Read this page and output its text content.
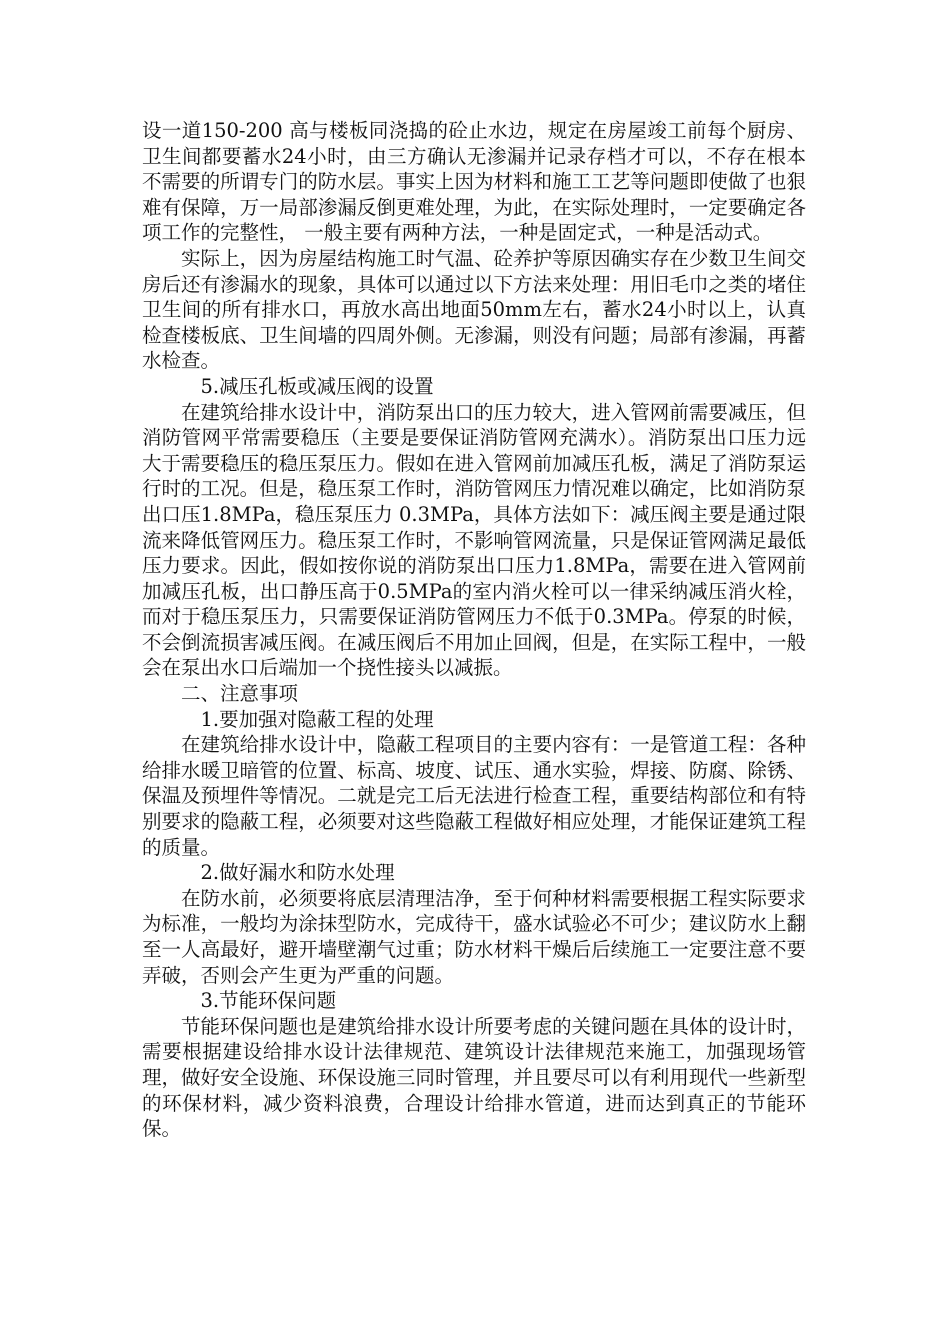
设一道150-200 高与楼板同浇捣的砼止水边，规定在房屋竣工前每个厨房、卫生间都要蓄水24小时，由三方确认无渗漏并记录存档才可以，不存在根本不需要的所谓专门的防水层。事实上因为材料和施工工艺等问题即使做了也狠难有保障，万一局部渗漏反倒更难处理，为此，在实际处理时，一定要确定各项工作的完整性， 一般主要有两种方法，一种是固定式，一种是活动式。

实际上，因为房屋结构施工时气温、砼养护等原因确实存在少数卫生间交房后还有渗漏水的现象，具体可以通过以下方法来处理：用旧毛巾之类的堵住卫生间的所有排水口，再放水高出地面50mm左右，蓄水24小时以上，认真检查楼板底、卫生间墙的四周外侧。无渗漏，则没有问题；局部有渗漏，再蓄水检查。

5.减压孔板或减压阀的设置

在建筑给排水设计中，消防泵出口的压力较大，进入管网前需要减压，但消防管网平常需要稳压（主要是要保证消防管网充满水）。消防泵出口压力远大于需要稳压的稳压泵压力。假如在进入管网前加减压孔板，满足了消防泵运行时的工况。但是，稳压泵工作时，消防管网压力情况难以确定，比如消防泵出口压1.8MPa，稳压泵压力 0.3MPa，具体方法如下：减压阀主要是通过限流来降低管网压力。稳压泵工作时，不影响管网流量，只是保证管网满足最低压力要求。因此，假如按你说的消防泵出口压力1.8MPa，需要在进入管网前加减压孔板，出口静压高于0.5MPa的室内消火栓可以一律采纳减压消火栓，而对于稳压泵压力，只需要保证消防管网压力不低于0.3MPa。停泵的时候，不会倒流损害减压阀。在减压阀后不用加止回阀，但是，在实际工程中，一般会在泵出水口后端加一个挠性接头以减振。

二、注意事项

1.要加强对隐蔽工程的处理

在建筑给排水设计中，隐蔽工程项目的主要内容有：一是管道工程：各种给排水暖卫暗管的位置、标高、坡度、试压、通水实验，焊接、防腐、除锈、保温及预埋件等情况。二就是完工后无法进行检查工程，重要结构部位和有特别要求的隐蔽工程，必须要对这些隐蔽工程做好相应处理，才能保证建筑工程的质量。

2.做好漏水和防水处理

在防水前，必须要将底层清理洁净，至于何种材料需要根据工程实际要求为标准，一般均为涂抹型防水，完成待干，盛水试验必不可少；建议防水上翻至一人高最好，避开墙壁潮气过重；防水材料干燥后后续施工一定要注意不要弄破，否则会产生更为严重的问题。

3.节能环保问题

节能环保问题也是建筑给排水设计所要考虑的关键问题在具体的设计时， 需要根据建设给排水设计法律规范、建筑设计法律规范来施工，加强现场管理，做好安全设施、环保设施三同时管理，并且要尽可以有利用现代一些新型的环保材料，减少资料浪费，合理设计给排水管道，进而达到真正的节能环保。
